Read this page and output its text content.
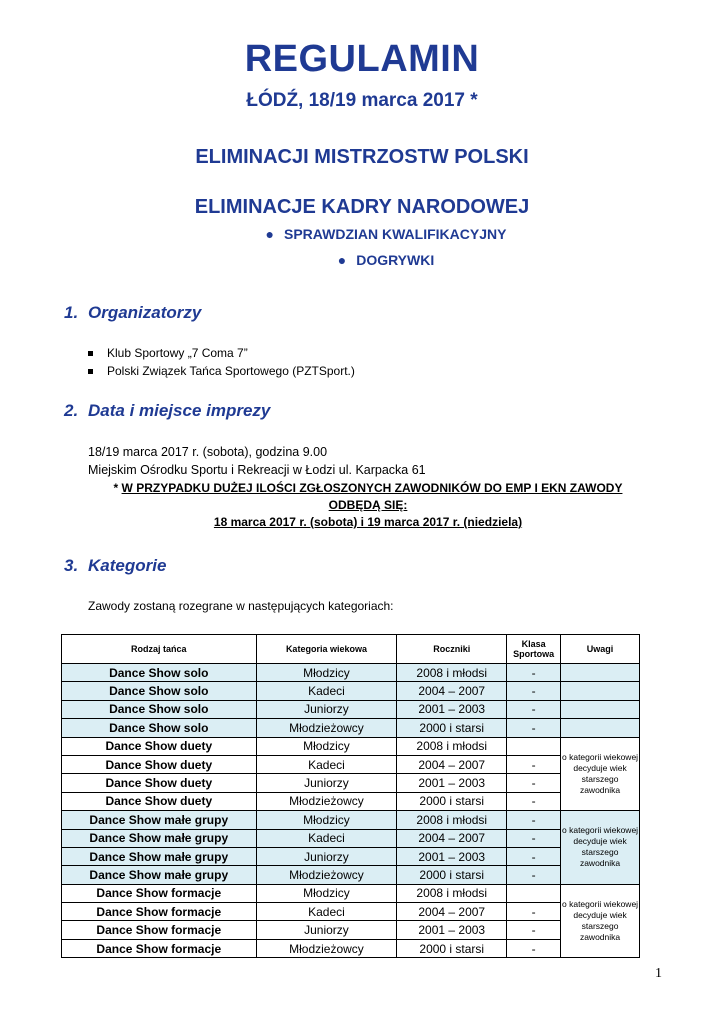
REGULAMIN
ŁÓDŹ, 18/19 marca 2017 *
ELIMINACJI MISTRZOSTW POLSKI
ELIMINACJE KADRY NARODOWEJ
● SPRAWDZIAN KWALIFIKACYJNY
● DOGRYWKI
1. Organizatorzy
Klub Sportowy „7 Coma 7”
Polski Związek Tańca Sportowego (PZTSport.)
2. Data i miejsce imprezy
18/19 marca 2017 r. (sobota), godzina 9.00
Miejskim Ośrodku Sportu i Rekreacji w Łodzi ul. Karpacka 61
* W PRZYPADKU DUŻEJ ILOŚCI ZGŁOSZONYCH ZAWODNIKÓW DO EMP I EKN ZAWODY
ODBĘDĄ SIĘ:
18 marca 2017 r. (sobota) i 19 marca 2017 r. (niedziela)
3. Kategorie
Zawody zostaną rozegrane w następujących kategoriach:
Rodzaj tańca	Kategoria wiekowa	Roczniki	Klasa Sportowa	Uwagi
Dance Show solo	Młodzicy	2008 i młodsi	-	
Dance Show solo	Kadeci	2004 – 2007	-	
Dance Show solo	Juniorzy	2001 – 2003	-	
Dance Show solo	Młodzieżowcy	2000 i starsi	-	
Dance Show duety	Młodzicy	2008 i młodsi		o kategorii wiekowej decyduje wiek starszego zawodnika
Dance Show duety	Kadeci	2004 – 2007	-	
Dance Show duety	Juniorzy	2001 – 2003	-	
Dance Show duety	Młodzieżowcy	2000 i starsi	-	
Dance Show małe grupy	Młodzicy	2008 i młodsi	-	o kategorii wiekowej decyduje wiek starszego zawodnika
Dance Show małe grupy	Kadeci	2004 – 2007	-	
Dance Show małe grupy	Juniorzy	2001 – 2003	-	
Dance Show małe grupy	Młodzieżowcy	2000 i starsi	-	
Dance Show formacje	Młodzicy	2008 i młodsi		o kategorii wiekowej decyduje wiek starszego zawodnika
Dance Show formacje	Kadeci	2004 – 2007	-	
Dance Show formacje	Juniorzy	2001 – 2003	-	
Dance Show formacje	Młodzieżowcy	2000 i starsi	-	
1
